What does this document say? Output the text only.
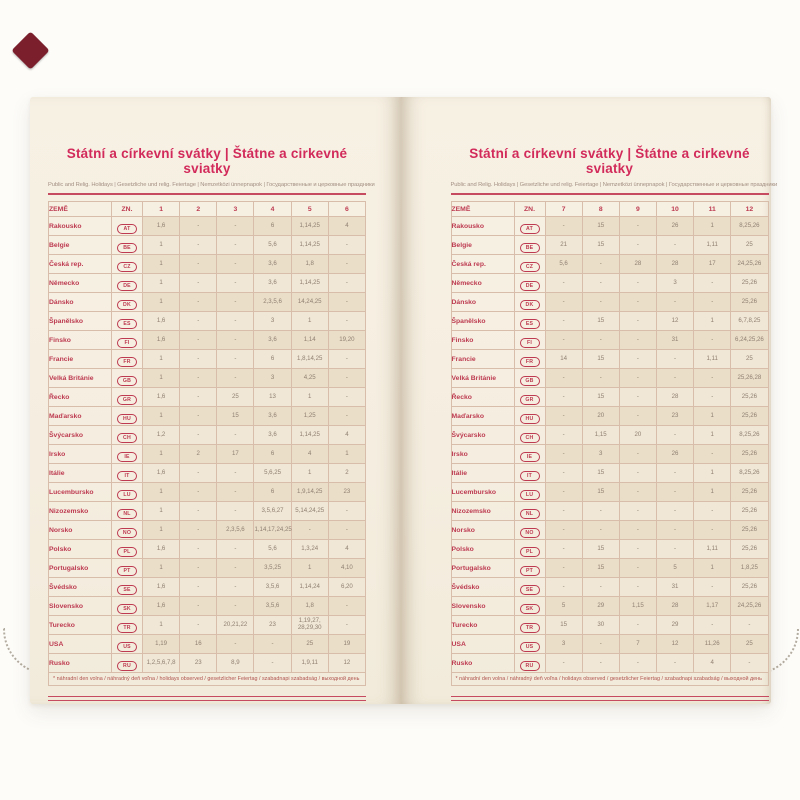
Státní a církevní svátky | Štátne a cirkevné sviatky

Public and Relig. Holidays | Gesetzliche und relig. Feiertage | Nemzetközi ünnepnapok | Государственные и церковные праздники

ZEMĚ	ZN.	1	2	3	4	5	6
Rakousko	AT	1,6	-	-	6	1,14,25	4
Belgie	BE	1	-	-	5,6	1,14,25	-
Česká rep.	CZ	1	-	-	3,6	1,8	-
Německo	DE	1	-	-	3,6	1,14,25	-
Dánsko	DK	1	-	-	2,3,5,6	14,24,25	-
Španělsko	ES	1,6	-	-	3	1	-
Finsko	FI	1,6	-	-	3,6	1,14	19,20
Francie	FR	1	-	-	6	1,8,14,25	-
Velká Británie	GB	1	-	-	3	4,25	-
Řecko	GR	1,6	-	25	13	1	-
Maďarsko	HU	1	-	15	3,6	1,25	-
Švýcarsko	CH	1,2	-	-	3,6	1,14,25	4
Irsko	IE	1	2	17	6	4	1
Itálie	IT	1,6	-	-	5,6,25	1	2
Lucembursko	LU	1	-	-	6	1,9,14,25	23
Nizozemsko	NL	1	-	-	3,5,6,27	5,14,24,25	-
Norsko	NO	1	-	2,3,5,6	1,14,17,24,25	-	-
Polsko	PL	1,6	-	-	5,6	1,3,24	4
Portugalsko	PT	1	-	-	3,5,25	1	4,10
Švédsko	SE	1,6	-	-	3,5,6	1,14,24	6,20
Slovensko	SK	1,6	-	-	3,5,6	1,8	-
Turecko	TR	1	-	20,21,22	23	1,19,27, 28,29,30	-
USA	US	1,19	16	-	-	25	19
Rusko	RU	1,2,5,6,7,8	23	8,9	-	1,9,11	12
* náhradní den volna / náhradný deň voľna / holidays observed / gesetzlicher Feiertag / szabadnapi szabadság / выходной день							
Státní a církevní svátky | Štátne a cirkevné sviatky

Public and Relig. Holidays | Gesetzliche und relig. Feiertage | Nemzetközi ünnepnapok | Государственные и церковные праздники

ZEMĚ	ZN.	7	8	9	10	11	12
Rakousko	AT	-	15	-	26	1	8,25,26
Belgie	BE	21	15	-	-	1,11	25
Česká rep.	CZ	5,6	-	28	28	17	24,25,26
Německo	DE	-	-	-	3	-	25,26
Dánsko	DK	-	-	-	-	-	25,26
Španělsko	ES	-	15	-	12	1	6,7,8,25
Finsko	FI	-	-	-	31	-	6,24,25,26
Francie	FR	14	15	-	-	1,11	25
Velká Británie	GB	-	-	-	-	-	25,26,28
Řecko	GR	-	15	-	28	-	25,26
Maďarsko	HU	-	20	-	23	1	25,26
Švýcarsko	CH	-	1,15	20	-	1	8,25,26
Irsko	IE	-	3	-	26	-	25,26
Itálie	IT	-	15	-	-	1	8,25,26
Lucembursko	LU	-	15	-	-	1	25,26
Nizozemsko	NL	-	-	-	-	-	25,26
Norsko	NO	-	-	-	-	-	25,26
Polsko	PL	-	15	-	-	1,11	25,26
Portugalsko	PT	-	15	-	5	1	1,8,25
Švédsko	SE	-	-	-	31	-	25,26
Slovensko	SK	5	29	1,15	28	1,17	24,25,26
Turecko	TR	15	30	-	29	-	-
USA	US	3	-	7	12	11,26	25
Rusko	RU	-	-	-	-	4	-
* náhradní den volna / náhradný deň voľna / holidays observed / gesetzlicher Feiertag / szabadnapi szabadság / выходной день							
